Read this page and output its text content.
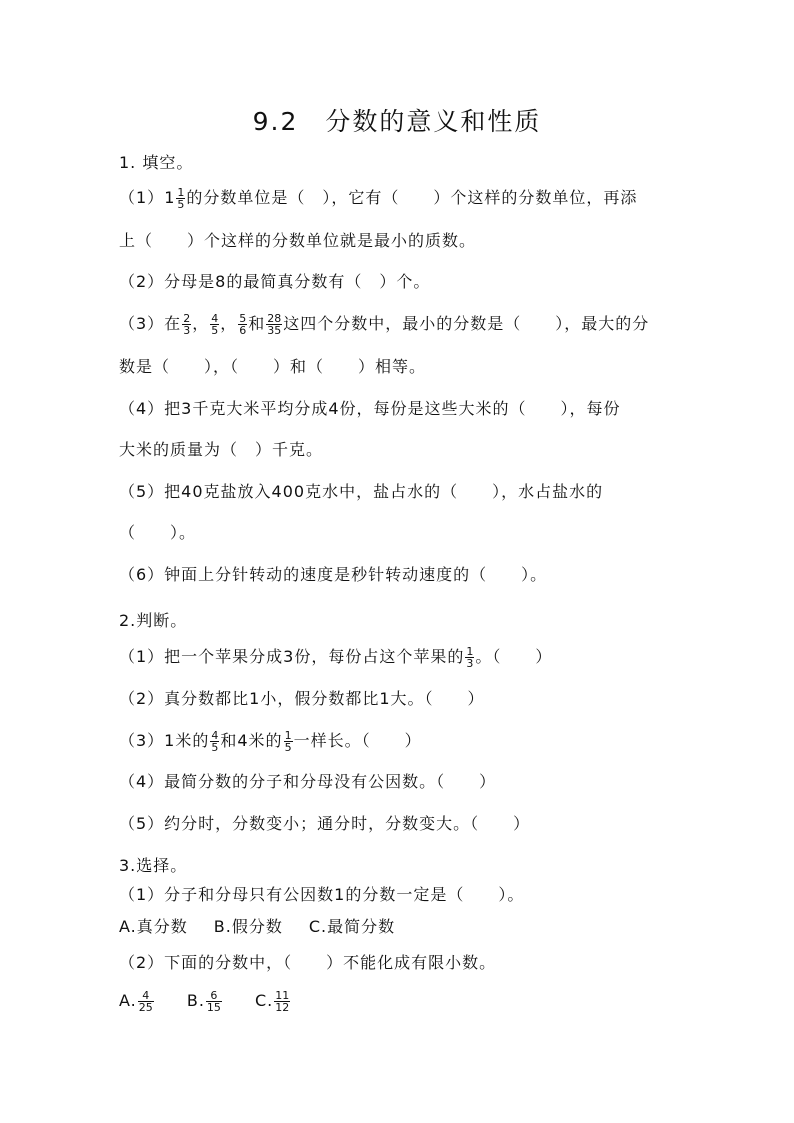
9.2　分数的意义和性质
1. 填空。
$(1)1 \frac{1}{5}$ 的分数单位是（　），它有（　　）个这样的分数单位，再添
上（　　）个这样的分数单位就是最小的质数。
（2）分母是8的最简真分数有（　）个。
（3）在 $\frac{2}{3}$ ， $\frac{4}{5}$ ， $\frac{5}{6}$ 和 $\frac{28}{35}$ 这四个分数中，最小的分数是（　　），最大的分
数是（　　），（　　）和（　　）相等。
（4）把3千克大米平均分成4份，每份是这些大米的（　　），每份
大米的质量为（　）千克。
（5）把40克盐放入400克水中，盐占水的（　　），水占盐水的
（　　）。
（6）钟面上分针转动的速度是秒针转动速度的（　　）。
2.判断。
（1）把一个苹果分成3份，每份占这个苹果的 $\frac{1}{3}$ 。（　　）
（2）真分数都比1小，假分数都比1大。（　　）
（3）1米的 $\frac{4}{5}$ 和4米的 $\frac{1}{5}$ 一样长。（　　）
（4）最简分数的分子和分母没有公因数。（　　）
（5）约分时，分数变小；通分时，分数变大。（　　）
3.选择。
（1）分子和分母只有公因数1的分数一定是（　　）。
A.真分数 B.假分数 C.最简分数
（2）下面的分数中，（　　）不能化成有限小数。
A. $\frac{4}{25} B$. $\frac{6}{15} C$. $\frac{11}{12}$
